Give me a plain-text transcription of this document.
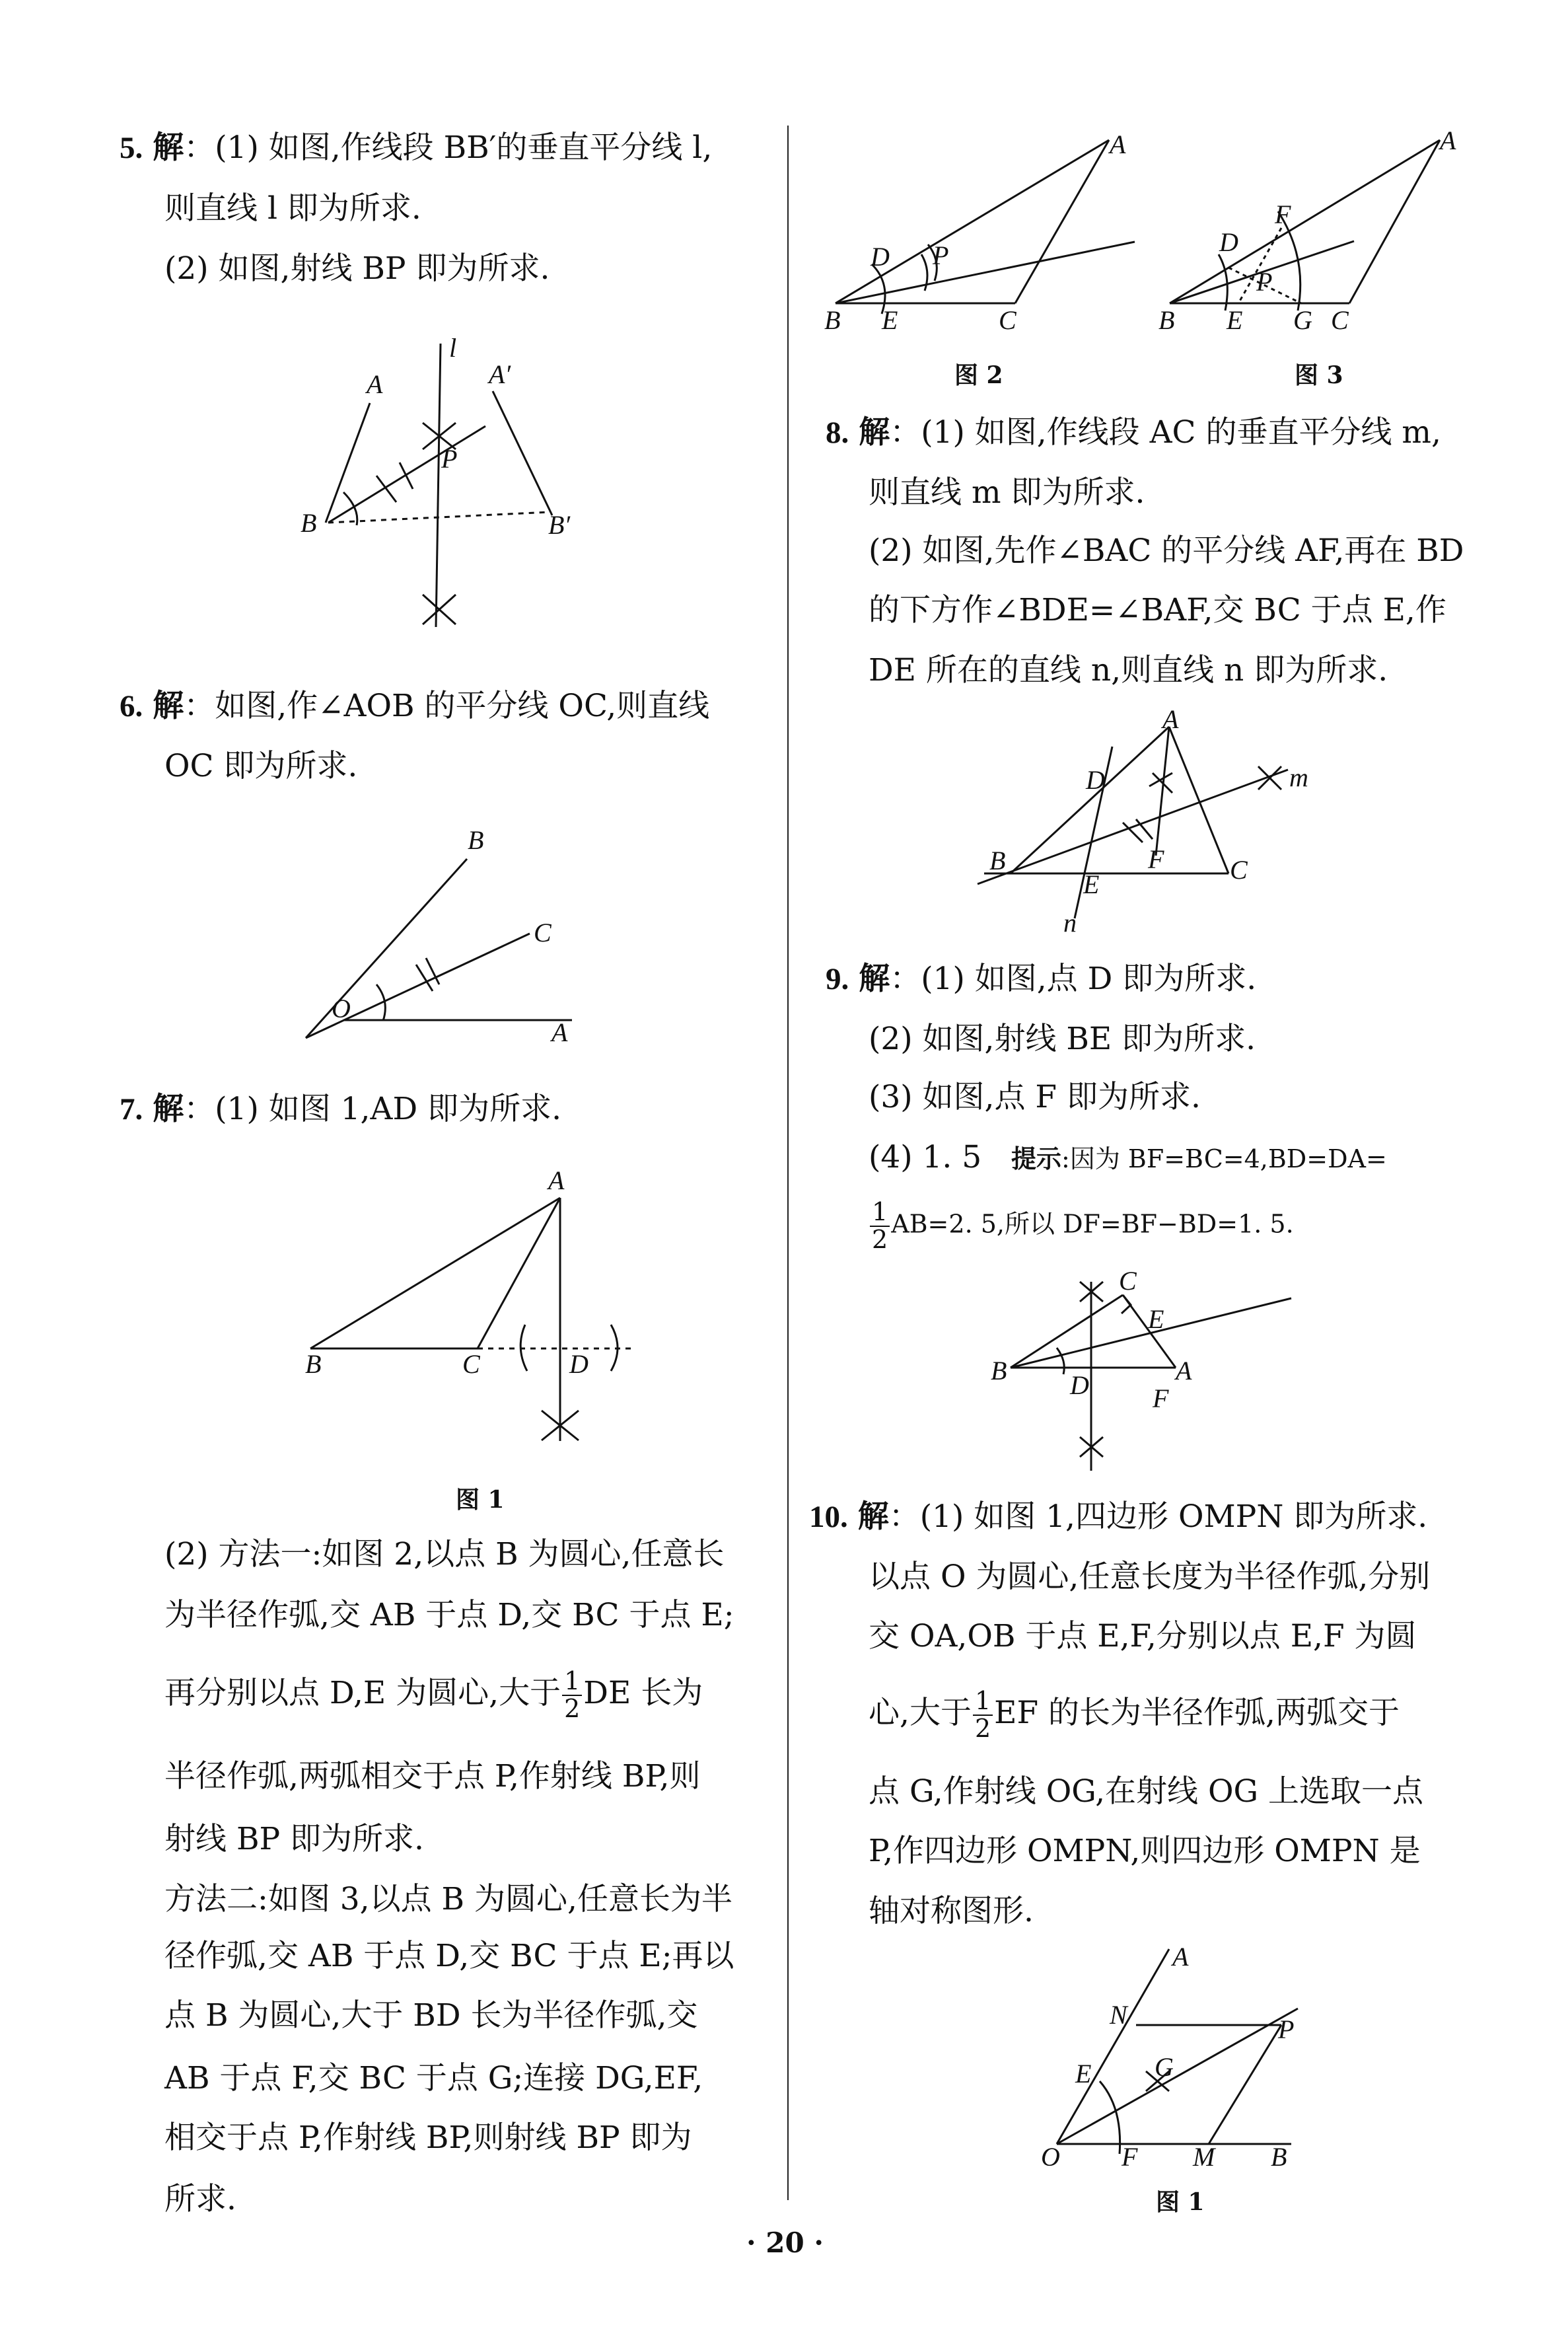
5. 解：(1) 如图,作线段 BB′的垂直平分线 l,
则直线 l 即为所求.
(2) 如图,射线 BP 即为所求.
6. 解：如图,作∠AOB 的平分线 OC,则直线
OC 即为所求.
7. 解：(1) 如图 1,AD 即为所求.
图 1
(2) 方法一:如图 2,以点 B 为圆心,任意长
为半径作弧,交 AB 于点 D,交 BC 于点 E;
再分别以点 D,E 为圆心,大于 $\frac{1}{2}$ DE 长为
半径作弧,两弧相交于点 P,作射线 BP,则
射线 BP 即为所求.
方法二:如图 3,以点 B 为圆心,任意长为半
径作弧,交 AB 于点 D,交 BC 于点 E;再以
点 B 为圆心,大于 BD 长为半径作弧,交
AB 于点 F,交 BC 于点 G;连接 DG,EF,
相交于点 P,作射线 BP,则射线 BP 即为
所求.
图 2	图 3
8. 解：(1) 如图,作线段 AC 的垂直平分线 m,
则直线 m 即为所求.
(2) 如图,先作∠BAC 的平分线 AF,再在 BD
的下方作∠BDE=∠BAF,交 BC 于点 E,作
DE 所在的直线 n,则直线 n 即为所求.
9. 解：(1) 如图,点 D 即为所求.
(2) 如图,射线 BE 即为所求.
(3) 如图,点 F 即为所求.
(4) 1. 5 提示:因为 BF=BC=4,BD=DA=
$\frac{1}{2} AB=2$. 5,所以 DF=BF−BD=1. 5.
10. 解：(1) 如图 1,四边形 OMPN 即为所求.
以点 O 为圆心,任意长度为半径作弧,分别
交 OA,OB 于点 E,F,分别以点 E,F 为圆
心,大于 $\frac{1}{2}$ EF 的长为半径作弧,两弧交于
点 G,作射线 OG,在射线 OG 上选取一点
P,作四边形 OMPN,则四边形 OMPN 是
轴对称图形.
图 1
· 20 ·
l
A	A′
P
B	B′
B
C
O
A
A
B	C	D
A
D P
B E	C
A
F
D
P
B E G C
A
D	m
F
B	C
E
n
C
E
B D	A
F
A
N	P
E G
O F M B
